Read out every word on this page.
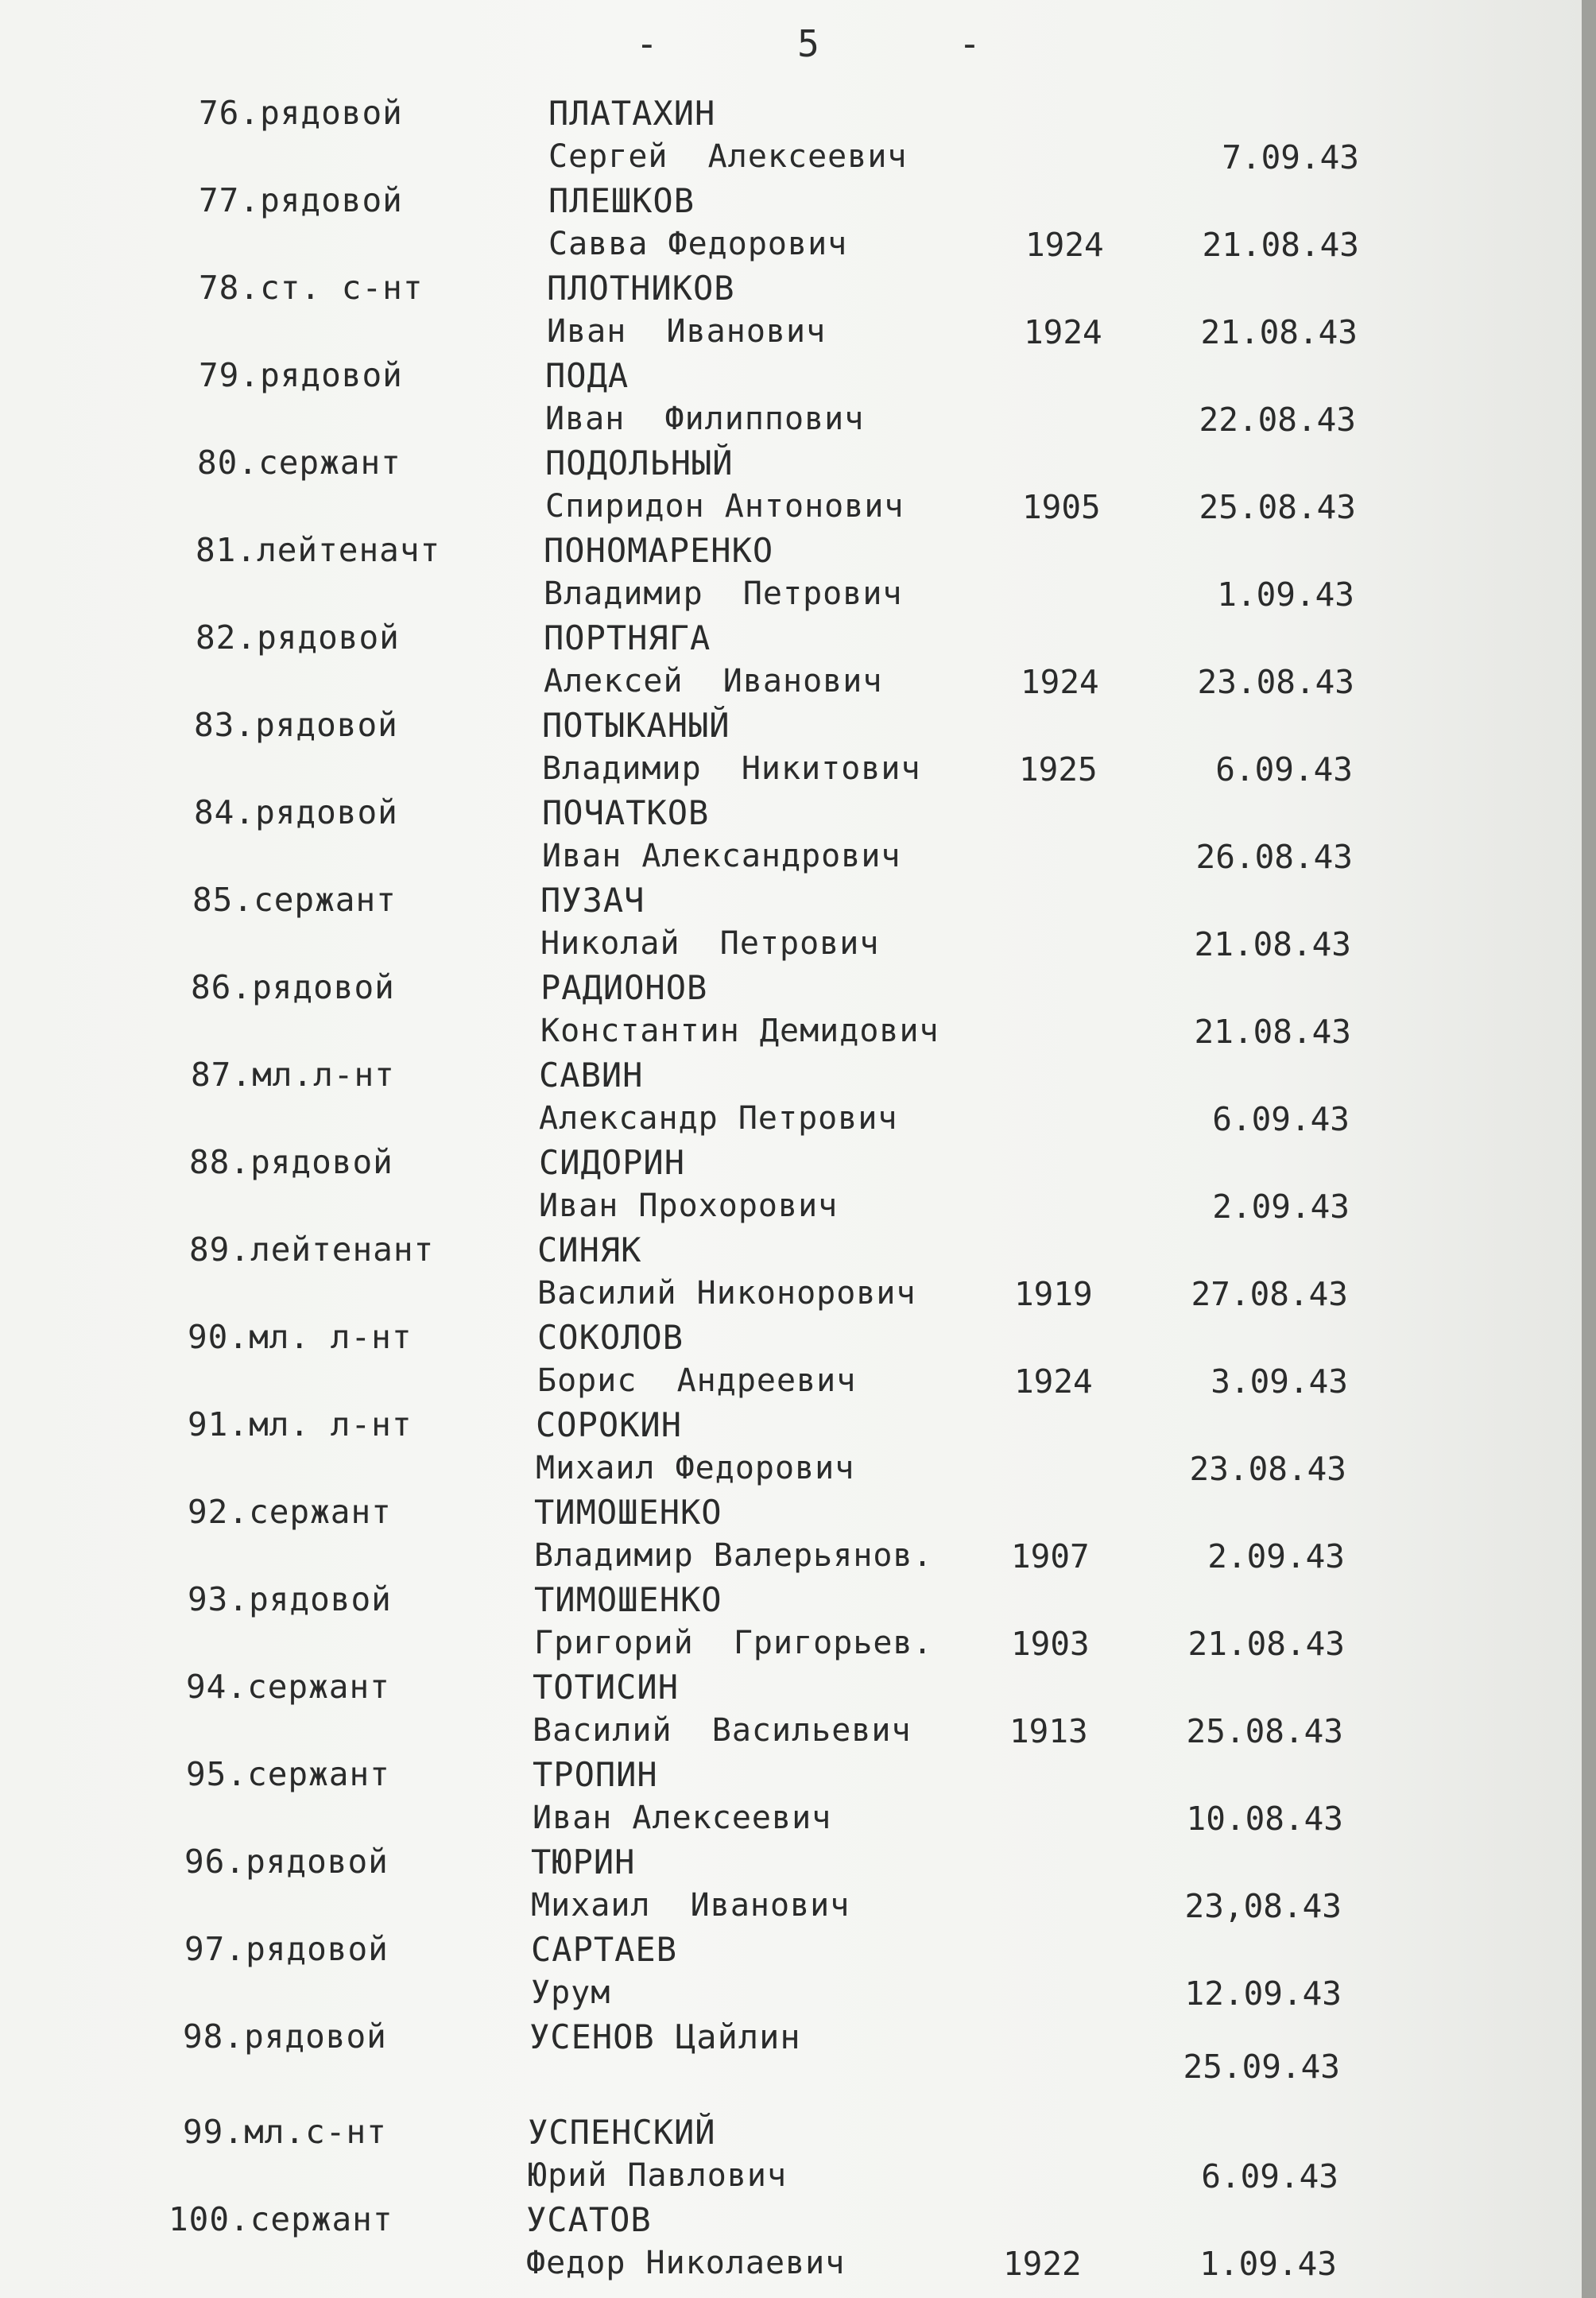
-  5  -
76.рядовой	ПЛАТАХИН
Сергей  Алексеевич	7.09.43
77.рядовой	ПЛЕШКОВ
Савва Федорович	1924	21.08.43
78.ст. с-нт	ПЛОТНИКОВ
Иван  Иванович	1924	21.08.43
79.рядовой	ПОДА
Иван  Филиппович	22.08.43
80.сержант	ПОДОЛЬНЫЙ
Спиридон Антонович	1905	25.08.43
81.лейтеначт	ПОНОМАРЕНКО
Владимир  Петрович	1.09.43
82.рядовой	ПОРТНЯГА
Алексей  Иванович	1924	23.08.43
83.рядовой	ПОТЫКАНЫЙ
Владимир  Никитович	1925	6.09.43
84.рядовой	ПОЧАТКОВ
Иван Александрович	26.08.43
85.сержант	ПУЗАЧ
Николай  Петрович	21.08.43
86.рядовой	РАДИОНОВ
Константин Демидович	21.08.43
87.мл.л-нт	САВИН
Александр Петрович	6.09.43
88.рядовой	СИДОРИН
Иван Прохорович	2.09.43
89.лейтенант	СИНЯК
Василий Никонорович	1919	27.08.43
90.мл. л-нт	СОКОЛОВ
Борис  Андреевич	1924	3.09.43
91.мл. л-нт	СОРОКИН
Михаил Федорович	23.08.43
92.сержант	ТИМОШЕНКО
Владимир Валерьянов. 1907	2.09.43
93.рядовой	ТИМОШЕНКО
Григорий  Григорьев. 1903	21.08.43
94.сержант	ТОТИСИН
Василий  Васильевич	1913	25.08.43
95.сержант	ТРОПИН
Иван Алексеевич	10.08.43
96.рядовой	ТЮРИН
Михаил  Иванович	23,08.43
97.рядовой	САРТАЕВ
Урум	12.09.43
98.рядовой	УСЕНОВ Цайлин
25.09.43
99.мл.с-нт	УСПЕНСКИЙ
Юрий Павлович	6.09.43
100.сержант	УСАТОВ
Федор Николаевич	1922	1.09.43
